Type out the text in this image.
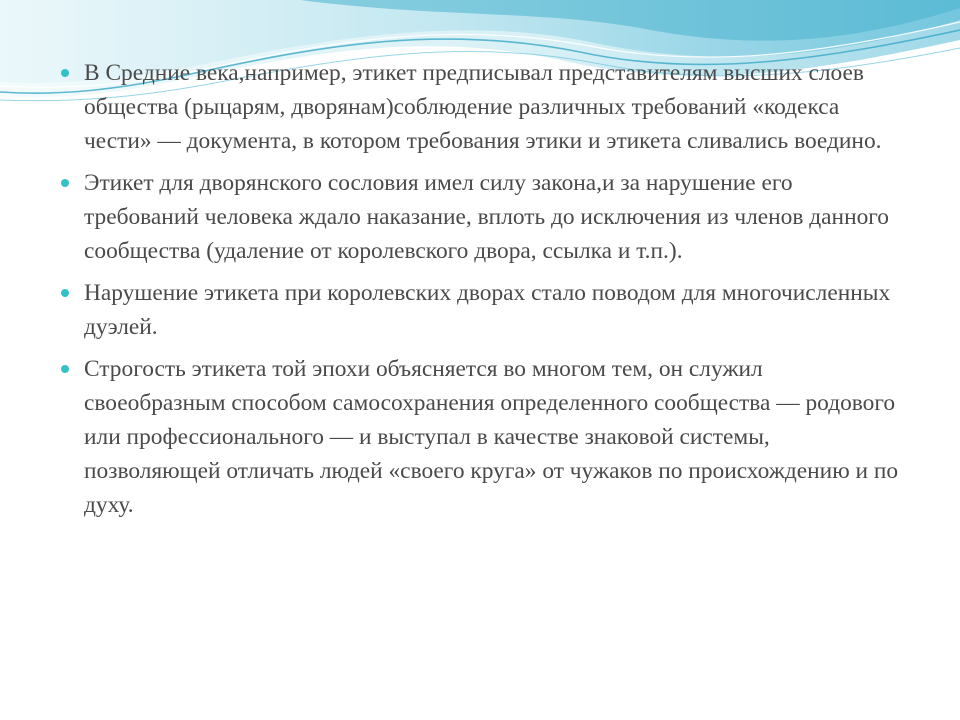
В Средние века,например, этикет предписывал представителям высших слоев общества (рыцарям, дворянам)соблюдение различных требований «кодекса чести» — документа, в котором требования этики и этикета сливались воедино.
Этикет для дворянского сословия имел силу закона,и за нарушение его требований человека ждало наказание, вплоть до исключения из членов данного сообщества (удаление от королевского двора, ссылка и т.п.).
Нарушение этикета при королевских дворах стало поводом для многочисленных дуэлей.
Строгость этикета той эпохи объясняется во многом тем, он служил своеобразным способом самосохранения определенного сообщества — родового или профессионального — и выступал в качестве знаковой системы, позволяющей отличать людей «своего круга» от чужаков по происхождению и по духу.
